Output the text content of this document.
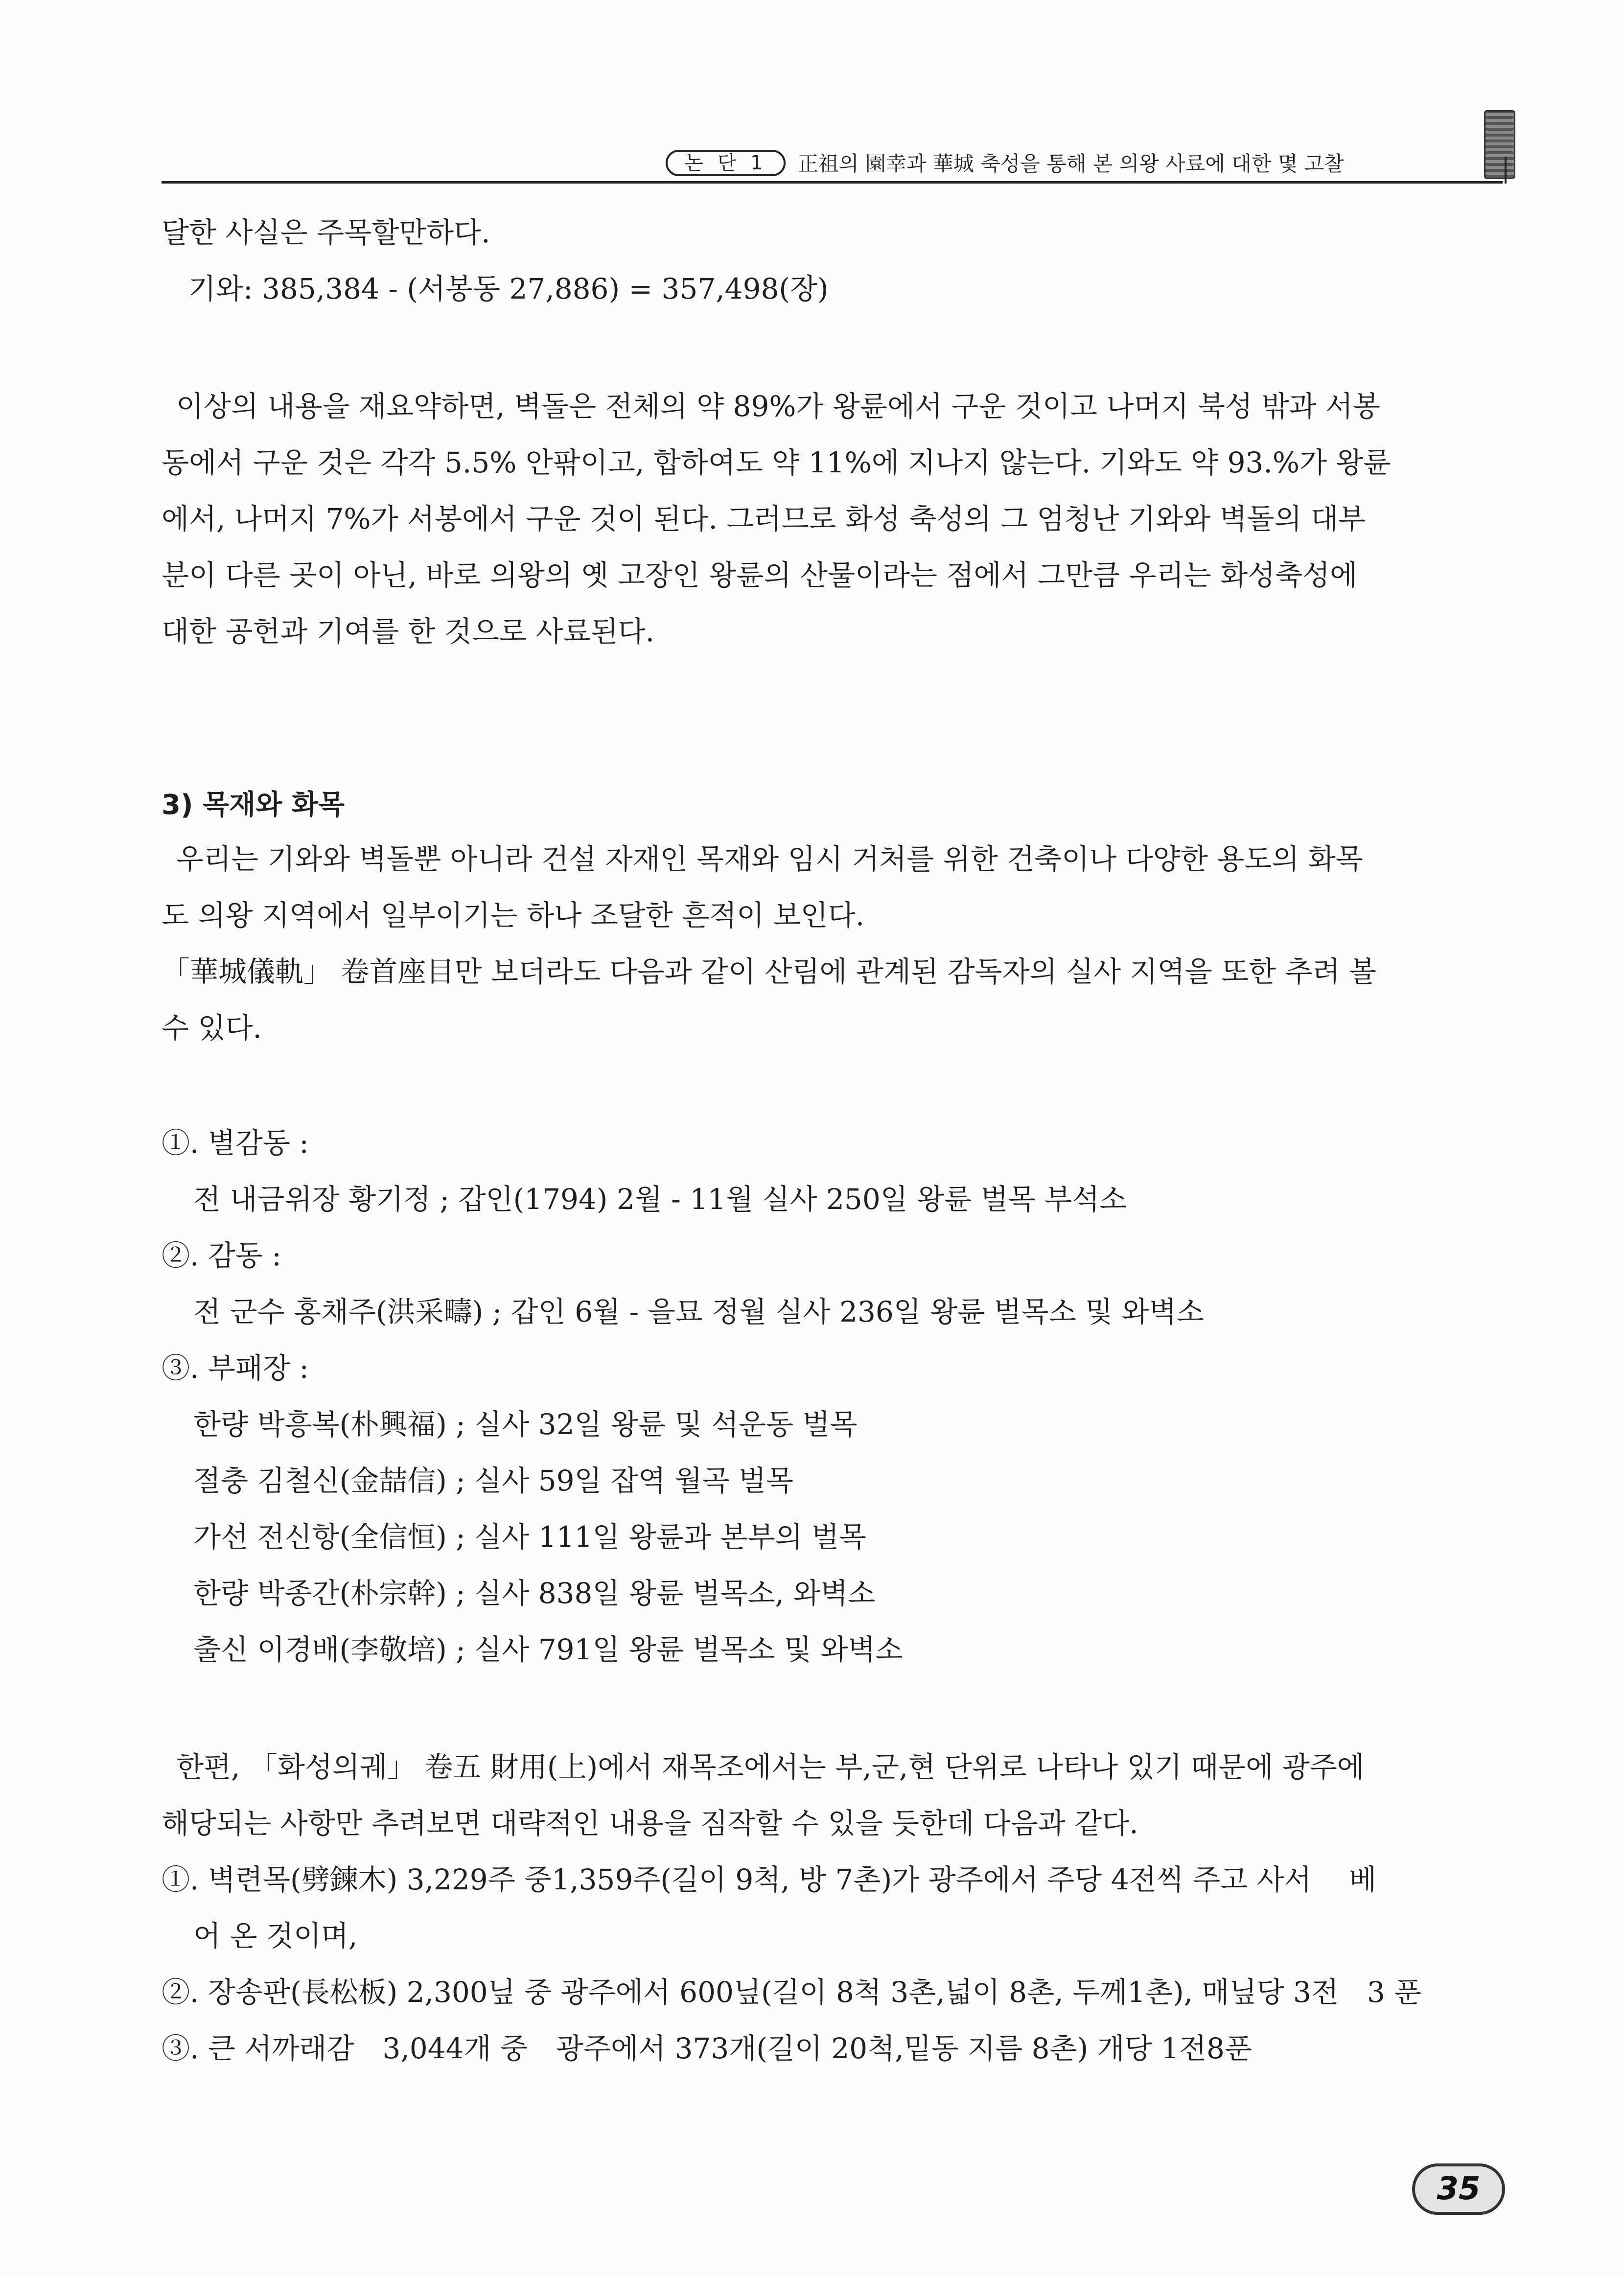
논 단 1	正祖의 園幸과 華城 축성을 통해 본 의왕 사료에 대한 몇 고찰
달한 사실은 주목할만하다.
기와: 385,384 - (서봉동 27,886) = 357,498(장)
이상의 내용을 재요약하면, 벽돌은 전체의 약 89%가 왕륜에서 구운 것이고 나머지 북성 밖과 서봉
동에서 구운 것은 각각 5.5% 안팎이고, 합하여도 약 11%에 지나지 않는다. 기와도 약 93.%가 왕륜
에서, 나머지 7%가 서봉에서 구운 것이 된다. 그러므로 화성 축성의 그 엄청난 기와와 벽돌의 대부
분이 다른 곳이 아닌, 바로 의왕의 옛 고장인 왕륜의 산물이라는 점에서 그만큼 우리는 화성축성에
대한 공헌과 기여를 한 것으로 사료된다.
3) 목재와 화목
우리는 기와와 벽돌뿐 아니라 건설 자재인 목재와 임시 거처를 위한 건축이나 다양한 용도의 화목
도 의왕 지역에서 일부이기는 하나 조달한 흔적이 보인다.
「華城儀軌」 卷首座目만 보더라도 다음과 같이 산림에 관계된 감독자의 실사 지역을 또한 추려 볼
수 있다.
①. 별감동 :
전 내금위장 황기정 ; 갑인(1794) 2월 - 11월 실사 250일 왕륜 벌목 부석소
②. 감동 :
전 군수 홍채주(洪采疇) ; 갑인 6월 - 을묘 정월 실사 236일 왕륜 벌목소 및 와벽소
③. 부패장 :
한량 박흥복(朴興福) ; 실사 32일 왕륜 및 석운동 벌목
절충 김철신(金喆信) ; 실사 59일 잡역 월곡 벌목
가선 전신항(全信恒) ; 실사 111일 왕륜과 본부의 벌목
한량 박종간(朴宗幹) ; 실사 838일 왕륜 벌목소, 와벽소
출신 이경배(李敬培) ; 실사 791일 왕륜 벌목소 및 와벽소
한편, 「화성의궤」 卷五 財用(上)에서 재목조에서는 부,군,현 단위로 나타나 있기 때문에 광주에
해당되는 사항만 추려보면 대략적인 내용을 짐작할 수 있을 듯한데 다음과 같다.
①. 벽련목(劈鍊木) 3,229주 중1,359주(길이 9척, 방 7촌)가 광주에서 주당 4전씩 주고 사서　 베
어 온 것이며,
②. 장송판(長松板) 2,300닢 중 광주에서 600닢(길이 8척 3촌,넓이 8촌, 두께1촌), 매닢당 3전　3 푼
③. 큰 서까래감　3,044개 중　광주에서 373개(길이 20척,밑동 지름 8촌) 개당 1전8푼
35
